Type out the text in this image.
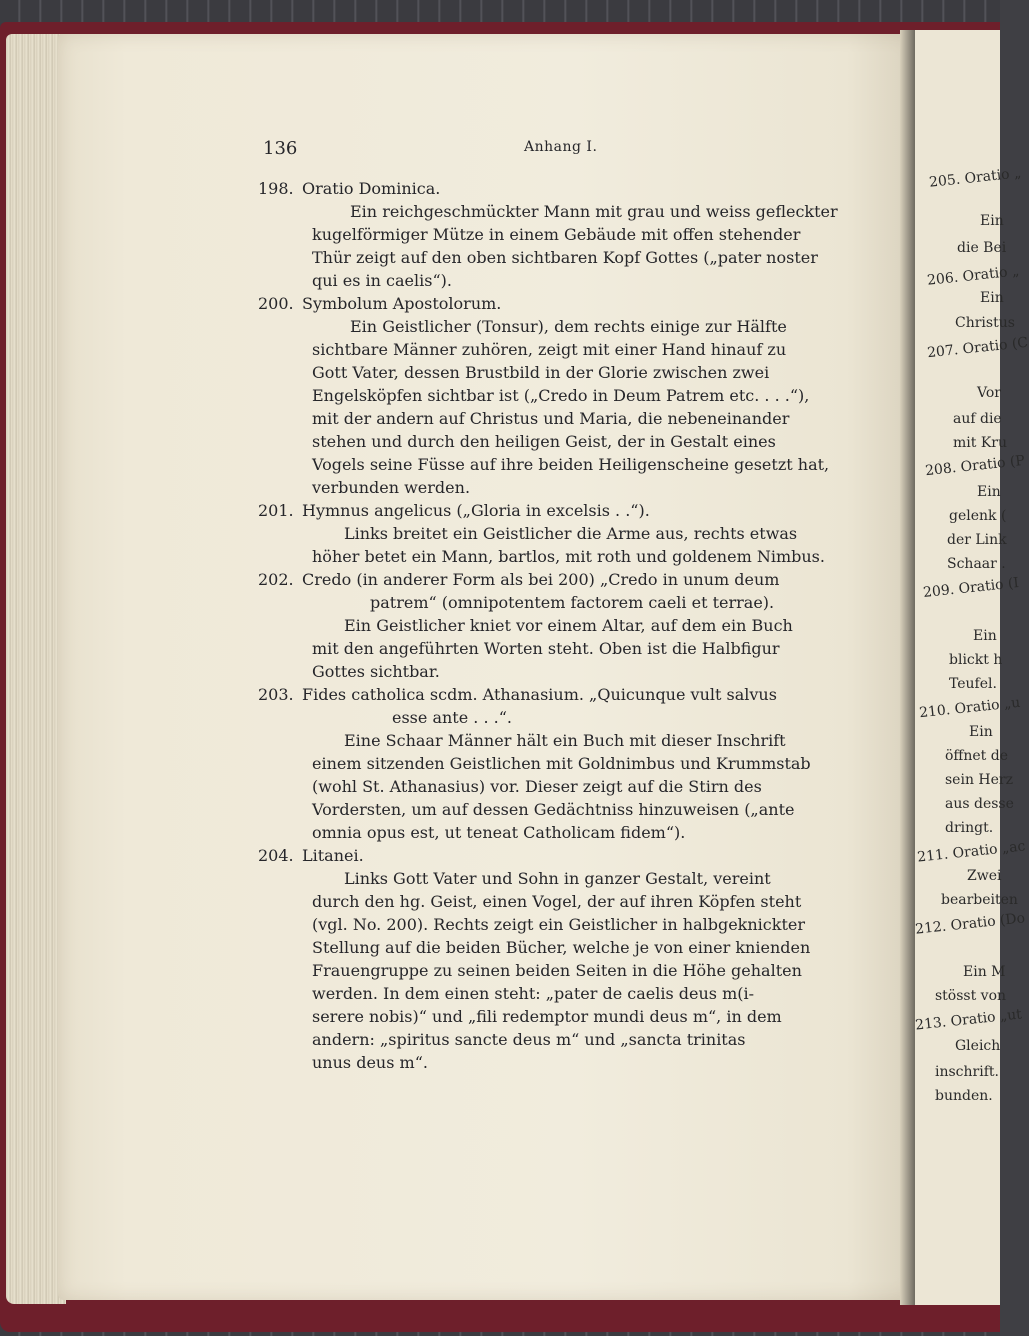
205. Oratio „
Ein
die Bei
206. Oratio „
Ein
Christus
207. Oratio (C
Vor
auf die
mit Kru
208. Oratio (P
Ein
gelenk (
der Link
Schaar .
209. Oratio (I
Ein
blickt h
Teufel.
210. Oratio „u
Ein
öffnet de
sein Herz
aus desse
dringt.
211. Oratio „ac
Zwei
bearbeiten
212. Oratio (Do
Ein M
stösst von
213. Oratio „ut
Gleich
inschrift.
bunden.
136	Anhang I.
198. Oratio Dominica.
Ein reichgeschmückter Mann mit grau und weiss gefleckter
kugelförmiger Mütze in einem Gebäude mit offen stehender
Thür zeigt auf den oben sichtbaren Kopf Gottes („pater noster
qui es in caelis“).
200. Symbolum Apostolorum.
Ein Geistlicher (Tonsur), dem rechts einige zur Hälfte
sichtbare Männer zuhören, zeigt mit einer Hand hinauf zu
Gott Vater, dessen Brustbild in der Glorie zwischen zwei
Engelsköpfen sichtbar ist („Credo in Deum Patrem etc. . . .“),
mit der andern auf Christus und Maria, die nebeneinander
stehen und durch den heiligen Geist, der in Gestalt eines
Vogels seine Füsse auf ihre beiden Heiligenscheine gesetzt hat,
verbunden werden.
201. Hymnus angelicus („Gloria in excelsis . .“).
Links breitet ein Geistlicher die Arme aus, rechts etwas
höher betet ein Mann, bartlos, mit roth und goldenem Nimbus.
202. Credo (in anderer Form als bei 200) „Credo in unum deum
patrem“ (omnipotentem factorem caeli et terrae).
Ein Geistlicher kniet vor einem Altar, auf dem ein Buch
mit den angeführten Worten steht. Oben ist die Halbfigur
Gottes sichtbar.
203. Fides catholica scdm. Athanasium. „Quicunque vult salvus
esse ante . . .“.
Eine Schaar Männer hält ein Buch mit dieser Inschrift
einem sitzenden Geistlichen mit Goldnimbus und Krummstab
(wohl St. Athanasius) vor. Dieser zeigt auf die Stirn des
Vordersten, um auf dessen Gedächtniss hinzuweisen („ante
omnia opus est, ut teneat Catholicam fidem“).
204. Litanei.
Links Gott Vater und Sohn in ganzer Gestalt, vereint
durch den hg. Geist, einen Vogel, der auf ihren Köpfen steht
(vgl. No. 200). Rechts zeigt ein Geistlicher in halbgeknickter
Stellung auf die beiden Bücher, welche je von einer knienden
Frauengruppe zu seinen beiden Seiten in die Höhe gehalten
werden. In dem einen steht: „pater de caelis deus m(i-
serere nobis)“ und „fili redemptor mundi deus m“, in dem
andern: „spiritus sancte deus m“ und „sancta trinitas
unus deus m“.
